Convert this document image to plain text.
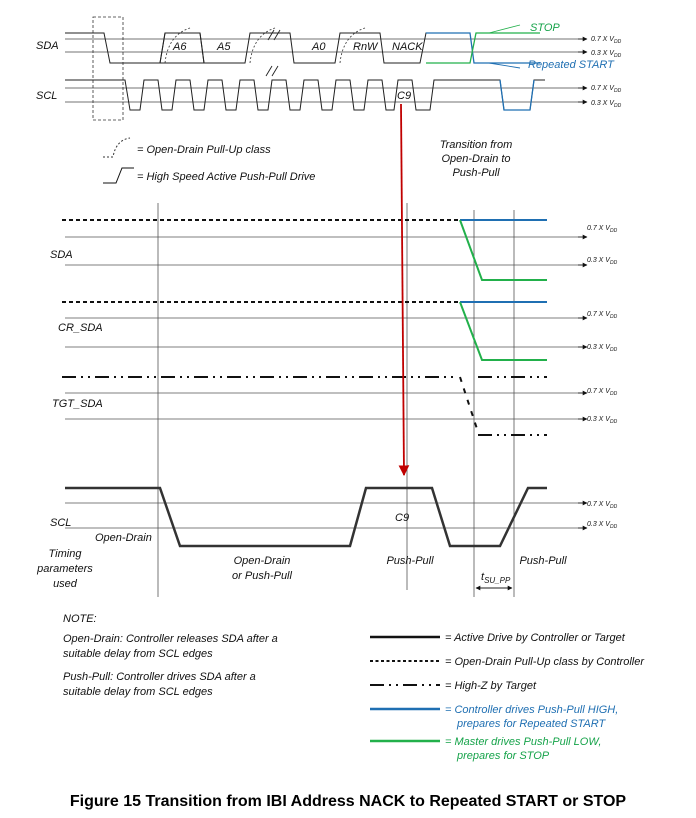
SDA
SCL
A6	A5	A0	RnW NACK
C9
STOP
Repeated START
0.7 X $V_{DD}$
0.3 X $V_{DD}$
0.7 X $V_{DD}$
0.3 X $V_{DD}$
= Open-Drain Pull-Up class
= High Speed Active Push-Pull Drive
Transition from
Open-Drain to
Push-Pull
SDA
CR_SDA
TGT_SDA
SCL	C9
0.7 X $V_{DD}$
0.3 X $V_{DD}$
0.7 X $V_{DD}$
0.3 X $V_{DD}$
0.7 X $V_{DD}$
0.3 X $V_{DD}$
0.7 X $V_{DD}$
0.3 X $V_{DD}$
Open-Drain
Timing
parameters
used
Open-Drain
or Push-Pull
Push-Pull	Push-Pull
$t_{SU\_PP}$
NOTE:
Open-Drain: Controller releases SDA after a
suitable delay from SCL edges
Push-Pull: Controller drives SDA after a
suitable delay from SCL edges
= Active Drive by Controller or Target
= Open-Drain Pull-Up class by Controller
= High-Z by Target
= Controller drives Push-Pull HIGH,
prepares for Repeated START
= Master drives Push-Pull LOW,
prepares for STOP
Figure 15 Transition from IBI Address NACK to Repeated START or STOP
